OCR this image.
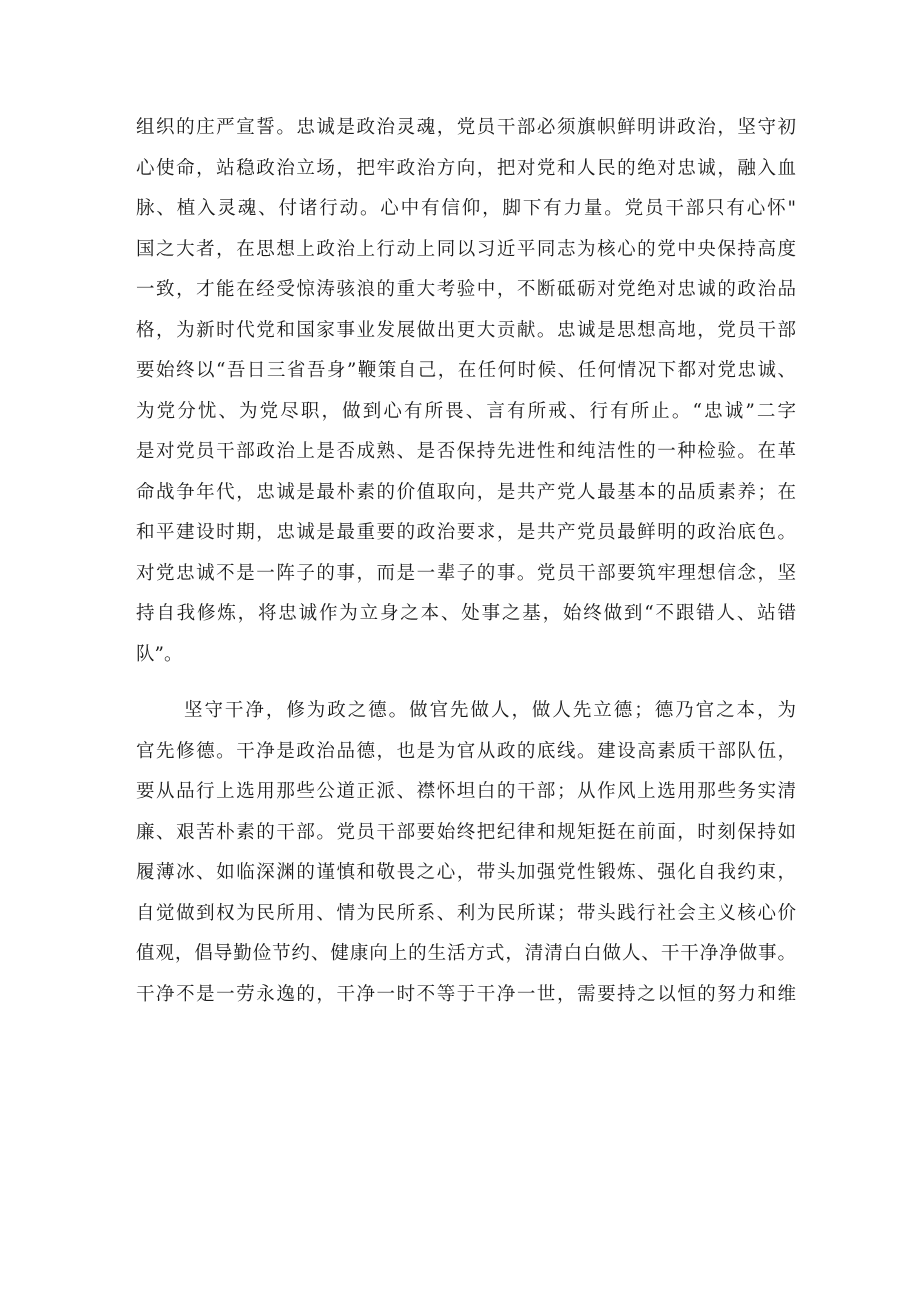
组织的庄严宣誓。忠诚是政治灵魂，党员干部必须旗帜鲜明讲政治，坚守初
心使命，站稳政治立场，把牢政治方向，把对党和人民的绝对忠诚，融入血
脉、植入灵魂、付诸行动。心中有信仰，脚下有力量。党员干部只有心怀"
国之大者，在思想上政治上行动上同以习近平同志为核心的党中央保持高度
一致，才能在经受惊涛骇浪的重大考验中，不断砥砺对党绝对忠诚的政治品
格，为新时代党和国家事业发展做出更大贡献。忠诚是思想高地，党员干部
要始终以“吾日三省吾身”鞭策自己，在任何时候、任何情况下都对党忠诚、
为党分忧、为党尽职，做到心有所畏、言有所戒、行有所止。“忠诚”二字
是对党员干部政治上是否成熟、是否保持先进性和纯洁性的一种检验。在革
命战争年代，忠诚是最朴素的价值取向，是共产党人最基本的品质素养；在
和平建设时期，忠诚是最重要的政治要求，是共产党员最鲜明的政治底色。
对党忠诚不是一阵子的事，而是一辈子的事。党员干部要筑牢理想信念，坚
持自我修炼，将忠诚作为立身之本、处事之基，始终做到“不跟错人、站错
队”。
坚守干净，修为政之德。做官先做人，做人先立德；德乃官之本，为
官先修德。干净是政治品德，也是为官从政的底线。建设高素质干部队伍，
要从品行上选用那些公道正派、襟怀坦白的干部；从作风上选用那些务实清
廉、艰苦朴素的干部。党员干部要始终把纪律和规矩挺在前面，时刻保持如
履薄冰、如临深渊的谨慎和敬畏之心，带头加强党性锻炼、强化自我约束，
自觉做到权为民所用、情为民所系、利为民所谋；带头践行社会主义核心价
值观，倡导勤俭节约、健康向上的生活方式，清清白白做人、干干净净做事。
干净不是一劳永逸的，干净一时不等于干净一世，需要持之以恒的努力和维
